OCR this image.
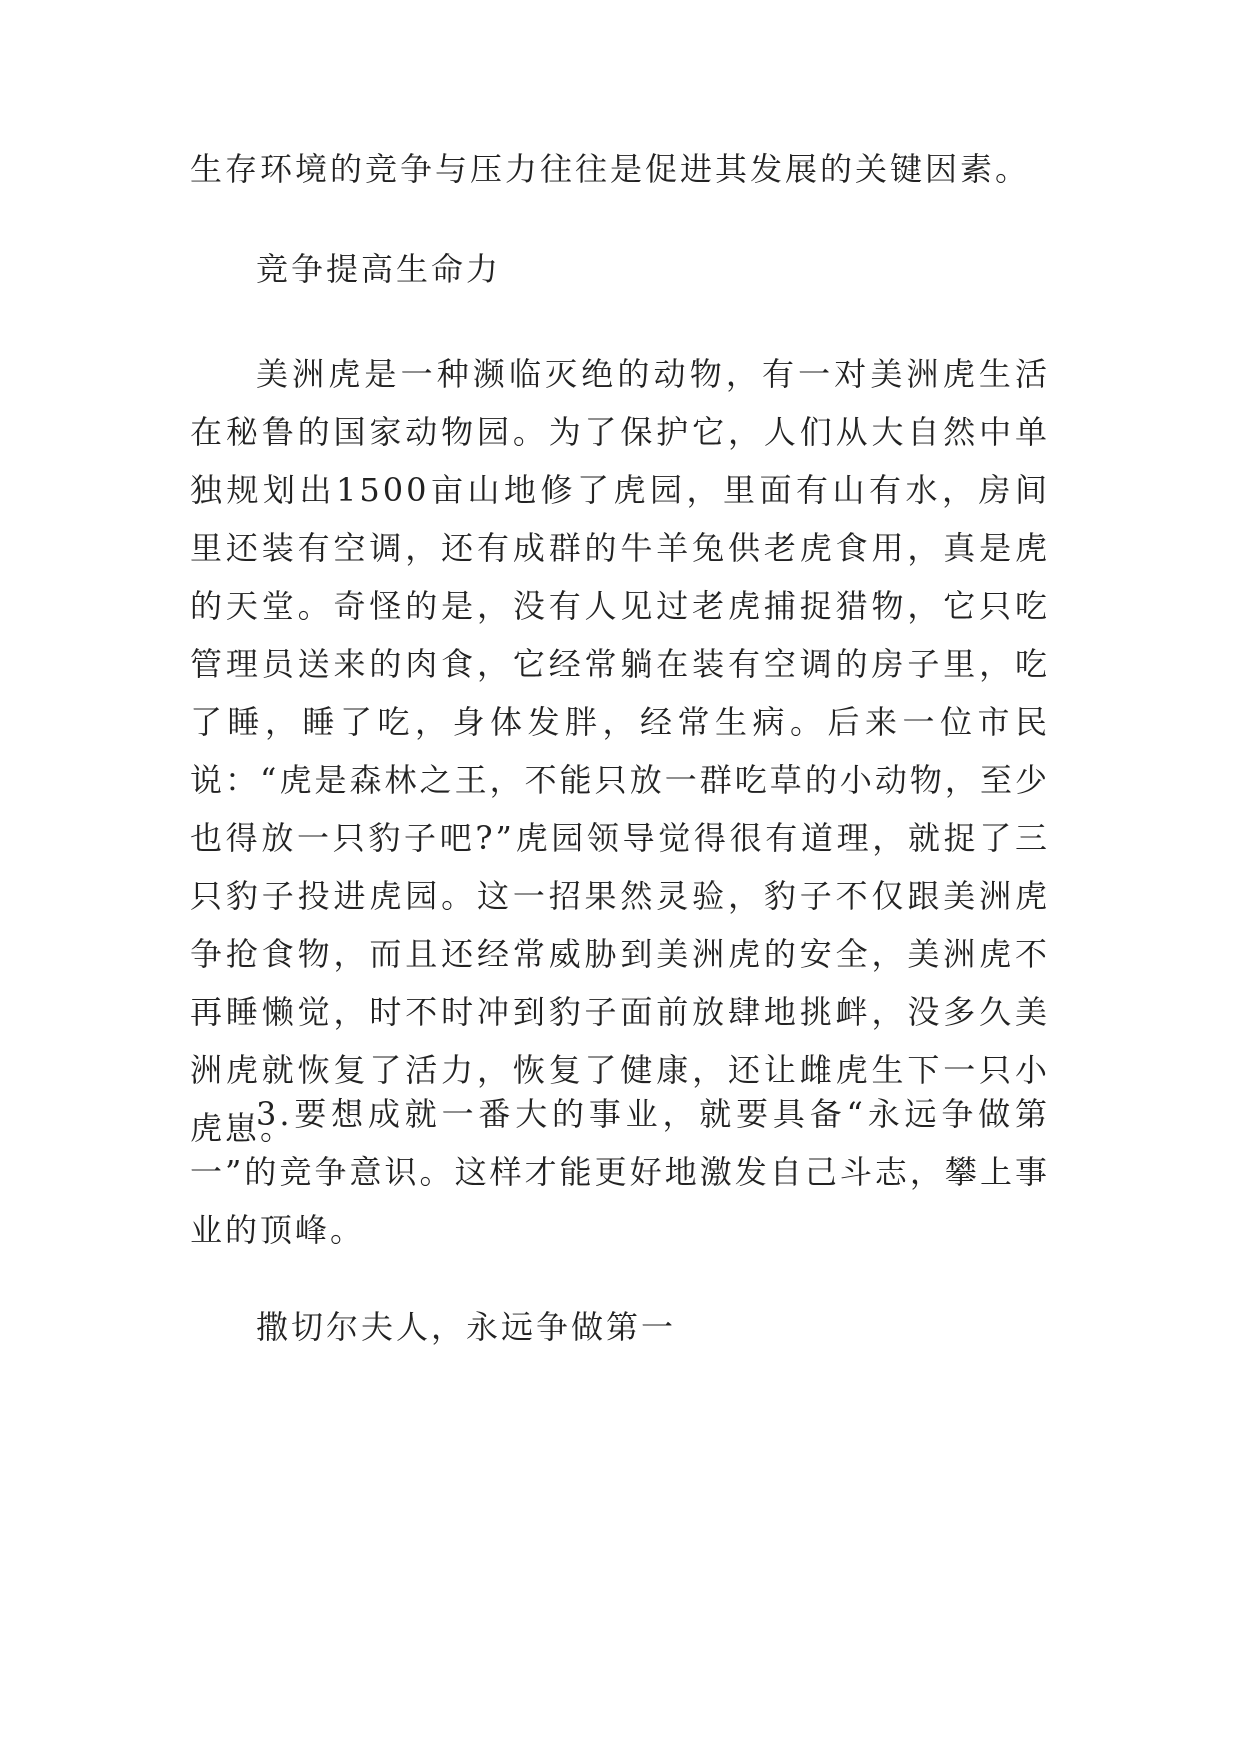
生存环境的竞争与压力往往是促进其发展的关键因素。

竞争提高生命力

美洲虎是一种濒临灭绝的动物，有一对美洲虎生活在秘鲁的国家动物园。为了保护它，人们从大自然中单独规划出1500亩山地修了虎园，里面有山有水，房间里还装有空调，还有成群的牛羊兔供老虎食用，真是虎的天堂。奇怪的是，没有人见过老虎捕捉猎物，它只吃管理员送来的肉食，它经常躺在装有空调的房子里，吃了睡，睡了吃，身体发胖，经常生病。后来一位市民说：“虎是森林之王，不能只放一群吃草的小动物，至少也得放一只豹子吧?”虎园领导觉得很有道理，就捉了三只豹子投进虎园。这一招果然灵验，豹子不仅跟美洲虎争抢食物，而且还经常威胁到美洲虎的安全，美洲虎不再睡懒觉，时不时冲到豹子面前放肆地挑衅，没多久美洲虎就恢复了活力，恢复了健康，还让雌虎生下一只小虎崽。

3.要想成就一番大的事业，就要具备“永远争做第一”的竞争意识。这样才能更好地激发自己斗志，攀上事业的顶峰。

撒切尔夫人，永远争做第一
